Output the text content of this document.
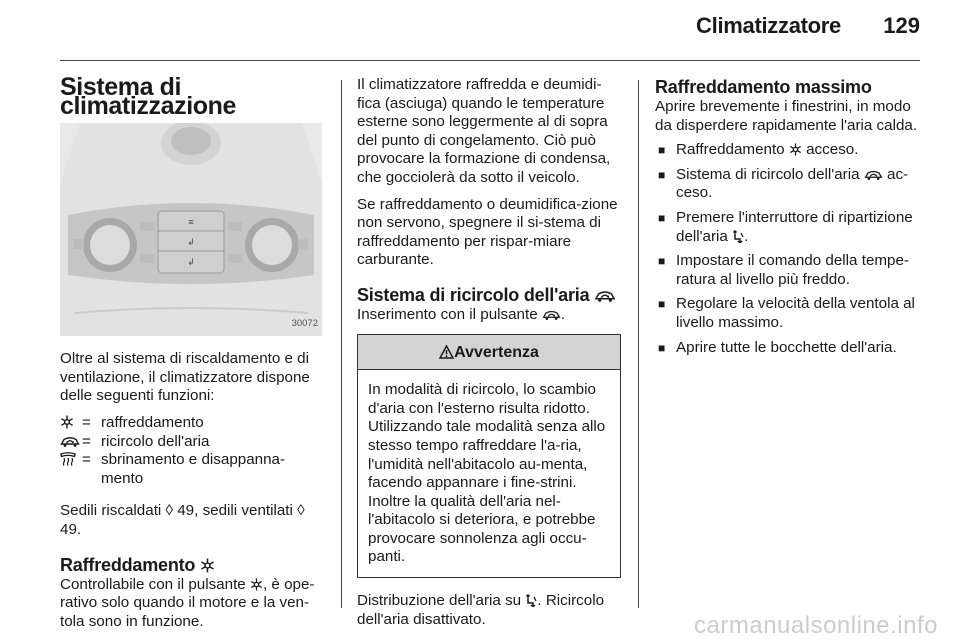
Climatizzatore 129
Sistema di climatizzazione
≡
↲
↲
30072

Oltre al sistema di riscaldamento e di ventilazione, il climatizzatore dispone delle seguenti funzioni:

= raffreddamento
= ricircolo dell'aria
= sbrinamento e disappanna-mento

Sedili riscaldati ◊ 49, sedili ventilati ◊ 49.

Raffreddamento

Controllabile con il pulsante , è ope-rativo solo quando il motore e la ven-tola sono in funzione.

Il climatizzatore raffredda e deumidi-fica (asciuga) quando le temperature esterne sono leggermente al di sopra del punto di congelamento. Ciò può provocare la formazione di condensa, che gocciolerà da sotto il veicolo.

Se raffreddamento o deumidifica-zione non servono, spegnere il si-stema di raffreddamento per rispar-miare carburante.

Sistema di ricircolo dell'aria

Inserimento con il pulsante .

Avvertenza
In modalità di ricircolo, lo scambio d'aria con l'esterno risulta ridotto. Utilizzando tale modalità senza allo stesso tempo raffreddare l'a-ria, l'umidità nell'abitacolo au-menta, facendo appannare i fine-strini. Inoltre la qualità dell'aria nel-l'abitacolo si deteriora, e potrebbe provocare sonnolenza agli occu-panti.

Distribuzione dell'aria su . Ricircolo dell'aria disattivato.

Raffreddamento massimo

Aprire brevemente i finestrini, in modo da disperdere rapidamente l'aria calda.

■ Raffreddamento acceso.
■ Sistema di ricircolo dell'aria ac-ceso.
■ Premere l'interruttore di ripartizione dell'aria .
■ Impostare il comando della tempe-ratura al livello più freddo.
■ Regolare la velocità della ventola al livello massimo.
■ Aprire tutte le bocchette dell'aria.
carmanualsonline.info
